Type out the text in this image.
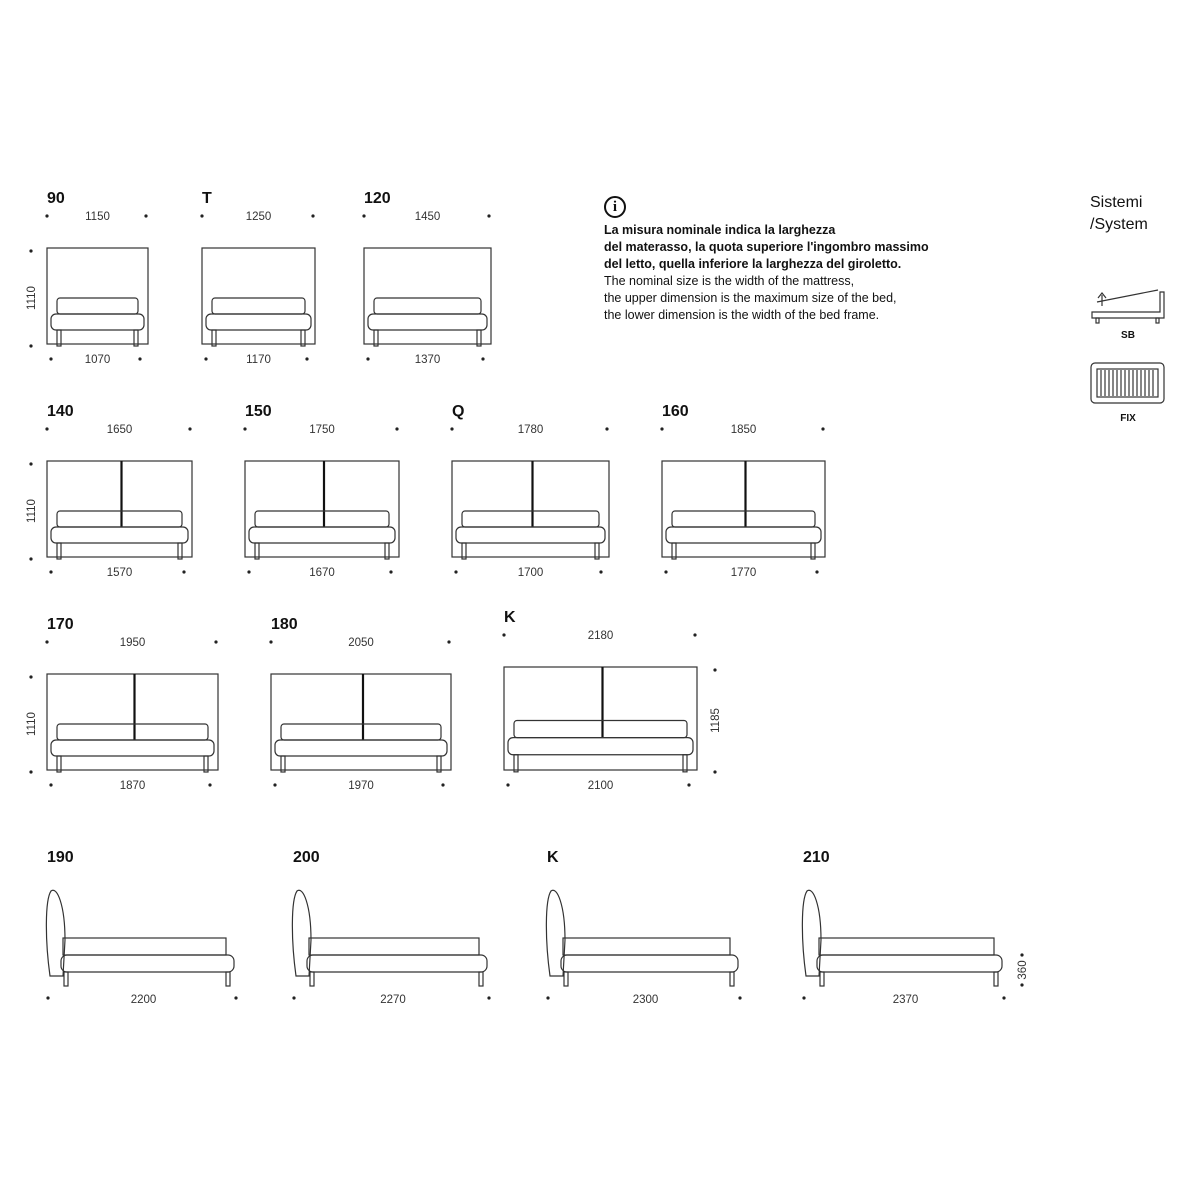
90
1150
1070
1110
T
1250
1170
120
1450
1370
140
1650
1570
1110
150
1750
1670
Q
1780
1700
160
1850
1770
170
1950
1870
1110
180
2050
1970
K
2180
2100
1185
190
2200
200
2270
K
2300
210
2370
360
Sistemi
/System
SB
FIX
i

La misura nominale indica la larghezza

del materasso, la quota superiore l'ingombro massimo

del letto, quella inferiore la larghezza del giroletto.

The nominal size is the width of the mattress,

the upper dimension is the maximum size of the bed,

the lower dimension is the width of the bed frame.
